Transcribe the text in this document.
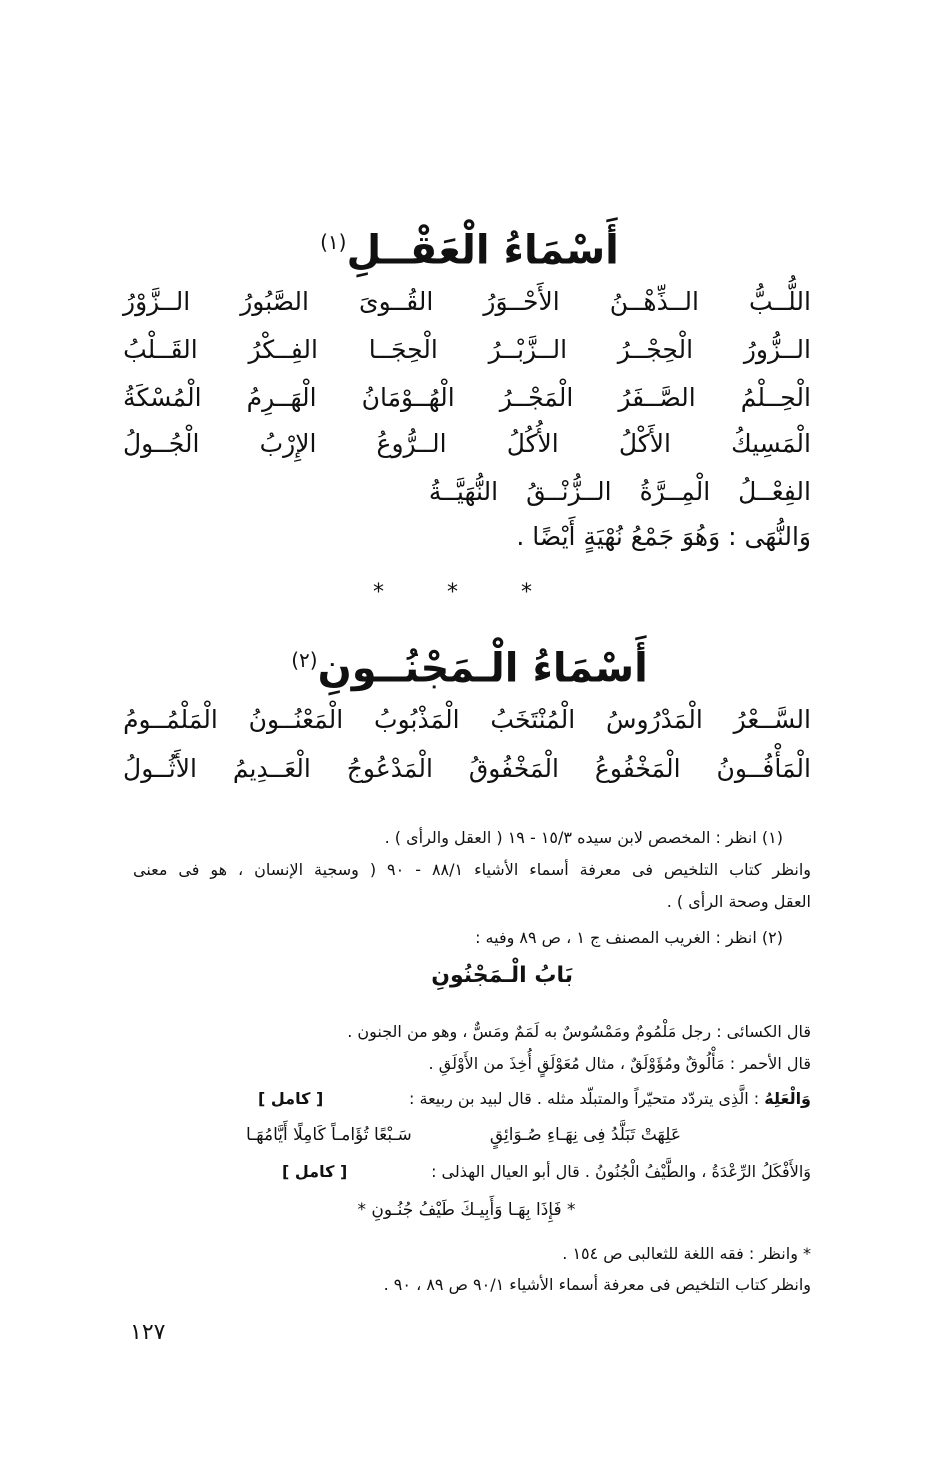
أَسْمَاءُ الْعَقْــلِ$^{(١)}$
اللُّــبُّ
الــذِّهْــنُ
الأَحْــوَرُ
القُــوىَ
الصَّبُورُ
الــزَّوْرُ
الــزُّورُ
الْحِجْــرُ
الــزَّبْــرُ
الْحِجَــا
الفِــكْرُ
القَــلْبُ
الْحِــلْمُ
الصَّــفَرُ
الْمَجْــرُ
الْهُــوْمَانُ
الْهَــرِمُ
الْمُسْكَةُ
الْمَسِيكُ
الأَكْلُ
الأُكُلُ
الــرُّوعُ
الإِرْبُ
الْجُــولُ
الفِعْــلُ
الْمِــرَّةُ
الــزُّنْــقُ
النُّهَيَّــةُ
وَالنُّهَى : وَهُوَ جَمْعُ نُهْيَةٍ أَيْضًا .
* * *
أَسْمَاءُ الْـمَجْنُــونِ$^{(٢)}$
السَّــعْرُ
الْمَدْرُوسُ
الْمُنْتَخَبُ
الْمَذْبُوبُ
الْمَعْنُــونُ
الْمَلْمُــومُ
الْمَأْفُــونُ
الْمَخْفُوعُ
الْمَخْفُوقُ
الْمَدْعُوجُ
الْعَــدِيمُ
الأَثُــولُ
(١) انظر : المخصص لابن سيده ١٥/٣ - ١٩ ( العقل والرأى ) .
وانظر كتاب التلخيص فى معرفة أسماء الأشياء ٨٨/١ - ٩٠ ( وسجية الإنسان ، هو فى معنى
العقل وصحة الرأى ) .
(٢) انظر : الغريب المصنف ج ١ ، ص ٨٩ وفيه :
بَابُ الْـمَجْنُونِ
قال الكسائى : رجل مَلْمُومٌ ومَمْسُوسٌ به لَمَمٌ ومَسٌّ ، وهو من الجنون .
قال الأحمر : مَأْلُوقٌ ومُؤَوْلَقٌ ، مثال مُعَوْلَقٍ أُخِذَ من الأَوْلَقِ .
وَالْعَلِهُ : الَّذِى يتردّد متحيّراً والمتبلّد مثله . قال لبيد بن ربيعة :
[ كامل ]
عَلِهَتْ تَبَلَّدُ فِى نِهَـاءِ صُـوَائِقٍ
سَـبْعًا تُؤَامـاً كَامِلًا أَيَّامُهَـا
وَالأَفْكَلُ الرِّعْدَةُ ، والطَّيْفُ الْجُنُونُ . قال أبو العيال الهذلى :
[ كامل ]
* فَإِذَا بِهَـا وَأَبِيـكَ طَيْفُ جُنُـونِ *
* وانظر : فقه اللغة للثعالبى ص ١٥٤ .
وانظر كتاب التلخيص فى معرفة أسماء الأشياء ٩٠/١ ص ٨٩ ، ٩٠ .
١٢٧
